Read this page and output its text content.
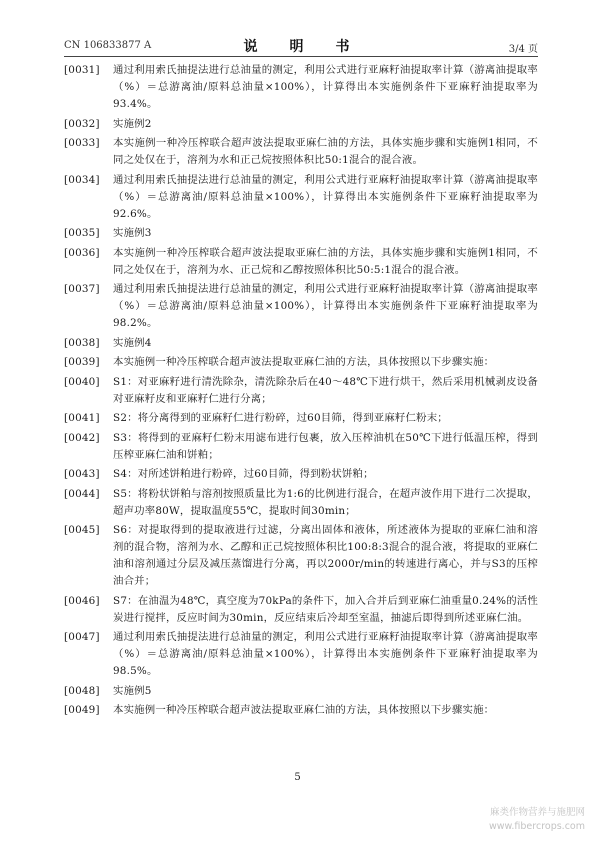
CN 106833877 A	说　明　书	3/4 页
[0031]	通过利用索氏抽提法进行总油量的测定，利用公式进行亚麻籽油提取率计算（游离油提取率（%）＝总游离油/原料总油量×100%），计算得出本实施例条件下亚麻籽油提取率为93.4%。
[0032]	实施例2
[0033]	本实施例一种冷压榨联合超声波法提取亚麻仁油的方法，具体实施步骤和实施例1相同，不同之处仅在于，溶剂为水和正己烷按照体积比50:1混合的混合液。
[0034]	通过利用索氏抽提法进行总油量的测定，利用公式进行亚麻籽油提取率计算（游离油提取率（%）＝总游离油/原料总油量×100%），计算得出本实施例条件下亚麻籽油提取率为92.6%。
[0035]	实施例3
[0036]	本实施例一种冷压榨联合超声波法提取亚麻仁油的方法，具体实施步骤和实施例1相同，不同之处仅在于，溶剂为水、正己烷和乙醇按照体积比50:5:1混合的混合液。
[0037]	通过利用索氏抽提法进行总油量的测定，利用公式进行亚麻籽油提取率计算（游离油提取率（%）＝总游离油/原料总油量×100%），计算得出本实施例条件下亚麻籽油提取率为98.2%。
[0038]	实施例4
[0039]	本实施例一种冷压榨联合超声波法提取亚麻仁油的方法，具体按照以下步骤实施：
[0040]	S1：对亚麻籽进行清洗除杂，清洗除杂后在40～48℃下进行烘干，然后采用机械剥皮设备对亚麻籽皮和亚麻籽仁进行分离；
[0041]	S2：将分离得到的亚麻籽仁进行粉碎，过60目筛，得到亚麻籽仁粉末；
[0042]	S3：将得到的亚麻籽仁粉末用滤布进行包裹，放入压榨油机在50℃下进行低温压榨，得到压榨亚麻仁油和饼粕；
[0043]	S4：对所述饼粕进行粉碎，过60目筛，得到粉状饼粕；
[0044]	S5：将粉状饼粕与溶剂按照质量比为1:6的比例进行混合，在超声波作用下进行二次提取，超声功率80W，提取温度55℃，提取时间30min；
[0045]	S6：对提取得到的提取液进行过滤，分离出固体和液体，所述液体为提取的亚麻仁油和溶剂的混合物，溶剂为水、乙醇和正己烷按照体积比100:8:3混合的混合液，将提取的亚麻仁油和溶剂通过分层及减压蒸馏进行分离，再以2000r/min的转速进行离心，并与S3的压榨油合并；
[0046]	S7：在油温为48℃，真空度为70kPa的条件下，加入合并后到亚麻仁油重量0.24%的活性炭进行搅拌，反应时间为30min，反应结束后冷却至室温，抽滤后即得到所述亚麻仁油。
[0047]	通过利用索氏抽提法进行总油量的测定，利用公式进行亚麻籽油提取率计算（游离油提取率（%）＝总游离油/原料总油量×100%），计算得出本实施例条件下亚麻籽油提取率为98.5%。
[0048]	实施例5
[0049]	本实施例一种冷压榨联合超声波法提取亚麻仁油的方法，具体按照以下步骤实施：
5
麻类作物营养与施肥网
www.fibercrops.com
